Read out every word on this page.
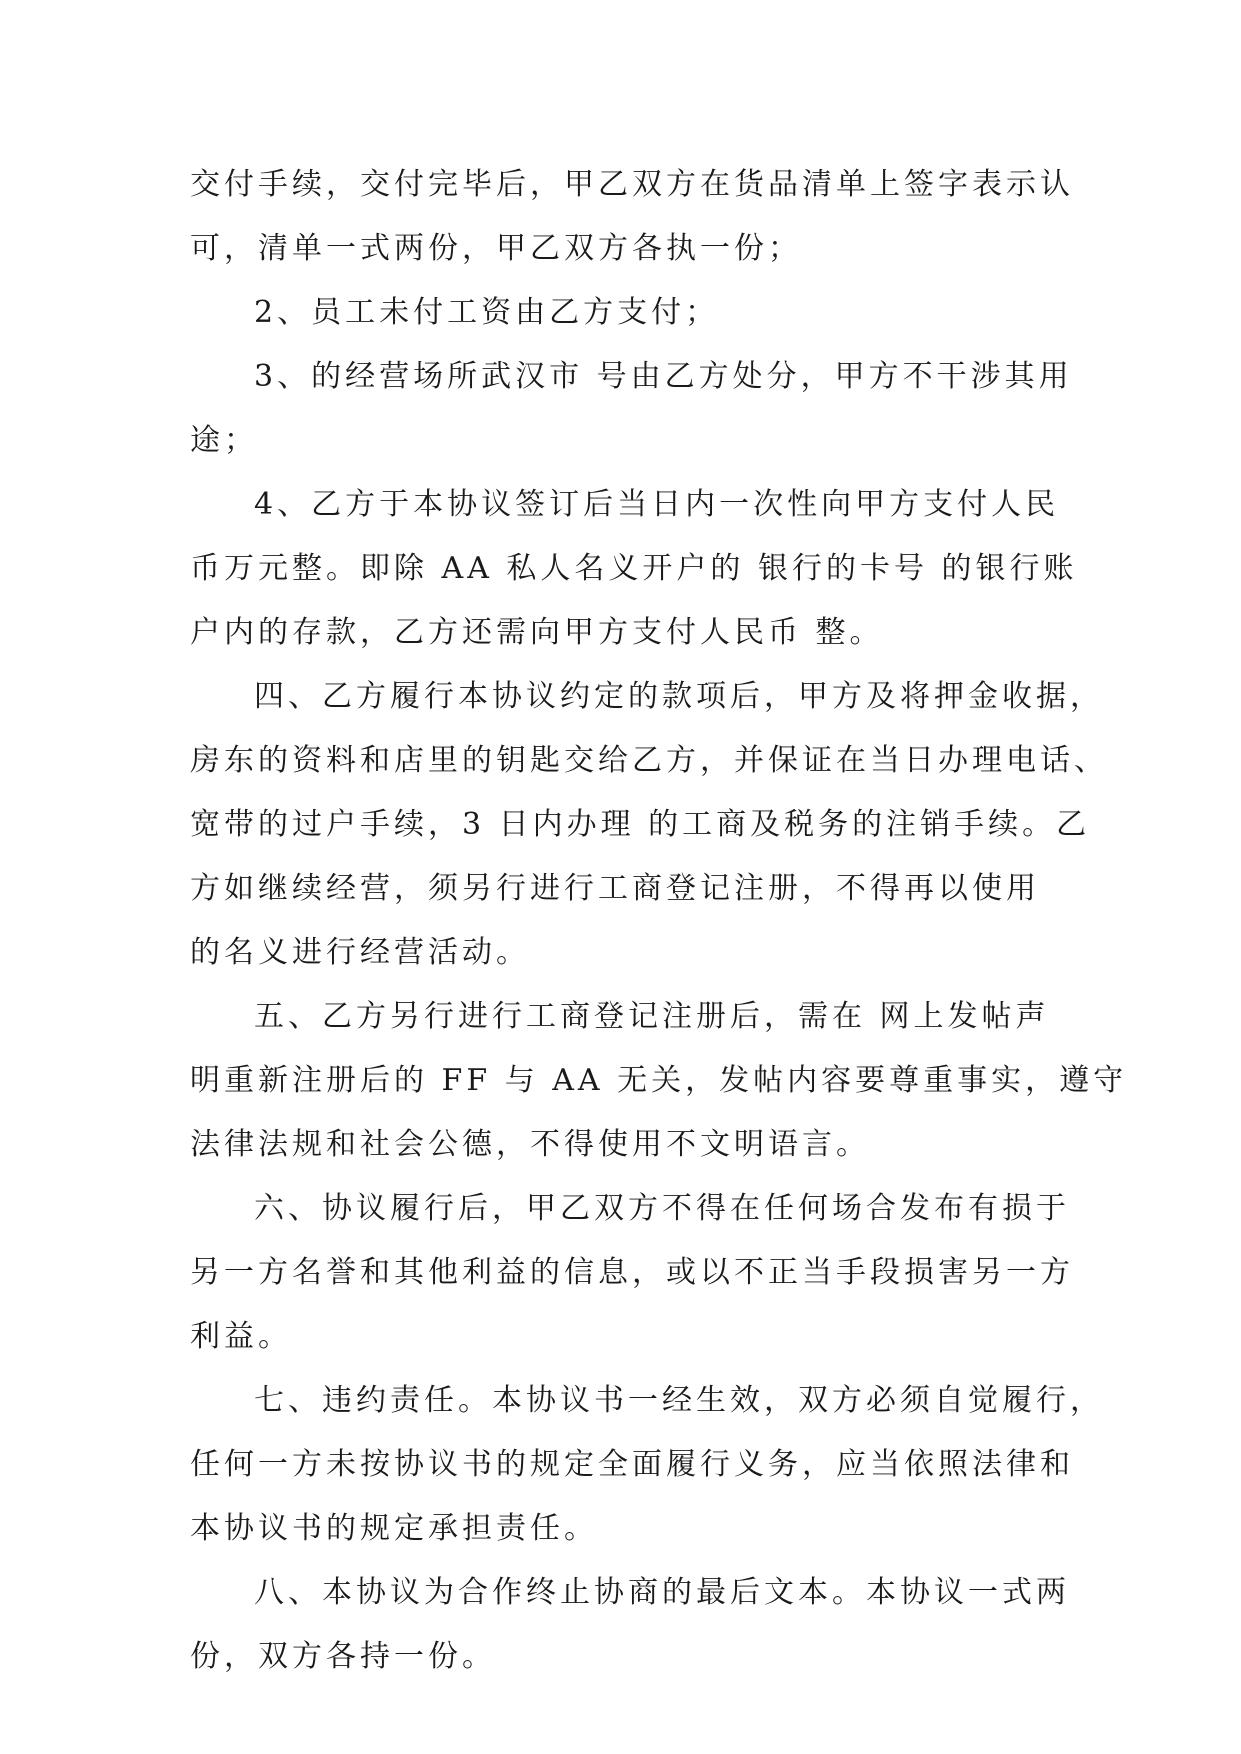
交付手续，交付完毕后，甲乙双方在货品清单上签字表示认
可，清单一式两份，甲乙双方各执一份；
2、员工未付工资由乙方支付；
3、的经营场所武汉市 号由乙方处分，甲方不干涉其用
途；
4、乙方于本协议签订后当日内一次性向甲方支付人民
币万元整。即除 AA 私人名义开户的 银行的卡号 的银行账
户内的存款，乙方还需向甲方支付人民币 整。
四、乙方履行本协议约定的款项后，甲方及将押金收据，
房东的资料和店里的钥匙交给乙方，并保证在当日办理电话、
宽带的过户手续，3 日内办理 的工商及税务的注销手续。乙
方如继续经营，须另行进行工商登记注册，不得再以使用
的名义进行经营活动。
五、乙方另行进行工商登记注册后，需在 网上发帖声
明重新注册后的 FF 与 AA 无关，发帖内容要尊重事实，遵守
法律法规和社会公德，不得使用不文明语言。
六、协议履行后，甲乙双方不得在任何场合发布有损于
另一方名誉和其他利益的信息，或以不正当手段损害另一方
利益。
七、违约责任。本协议书一经生效，双方必须自觉履行，
任何一方未按协议书的规定全面履行义务，应当依照法律和
本协议书的规定承担责任。
八、本协议为合作终止协商的最后文本。本协议一式两
份，双方各持一份。
